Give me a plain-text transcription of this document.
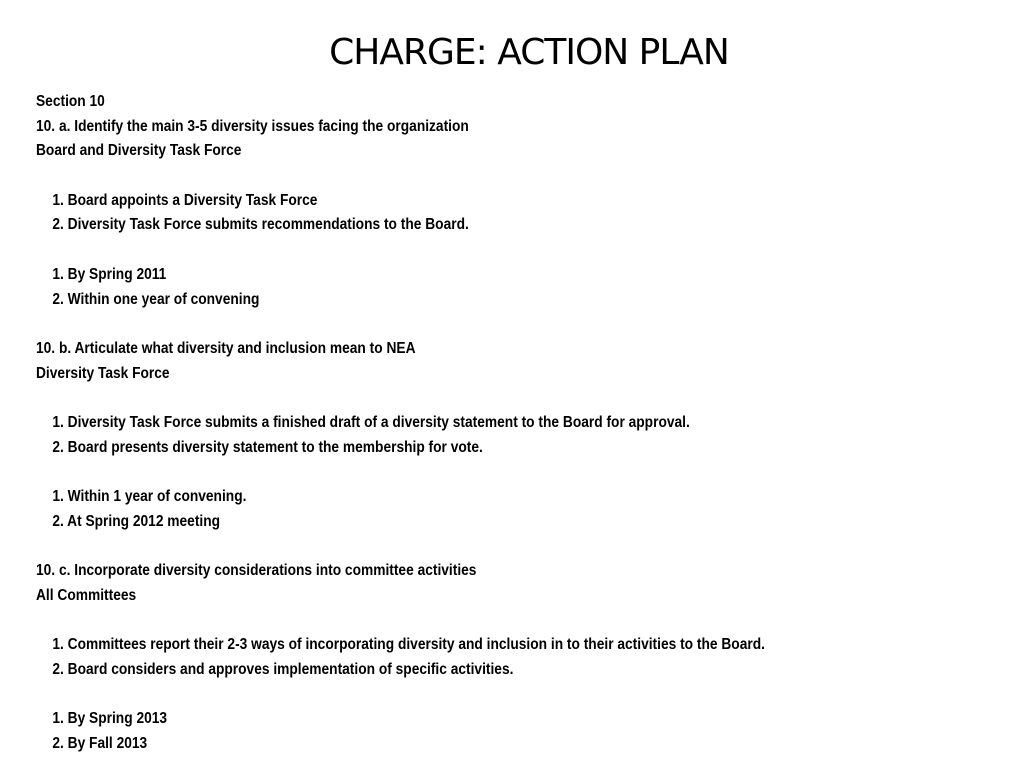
CHARGE: ACTION PLAN
Section 10
10. a. Identify the main 3-5 diversity issues facing the organization
Board and Diversity Task Force
1. Board appoints a Diversity Task Force
2. Diversity Task Force submits recommendations to the Board.
1. By Spring 2011
2. Within one year of convening
10. b. Articulate what diversity and inclusion mean to NEA
Diversity Task Force
1. Diversity Task Force submits a finished draft of a diversity statement to the Board for approval.
2. Board presents diversity statement to the membership for vote.
1. Within 1 year of convening.
2. At Spring 2012 meeting
10. c. Incorporate diversity considerations into committee activities
All Committees
1. Committees report their 2-3 ways of incorporating diversity and inclusion in to their activities to the Board.
2. Board considers and approves implementation of specific activities.
1. By Spring 2013
2. By Fall 2013
